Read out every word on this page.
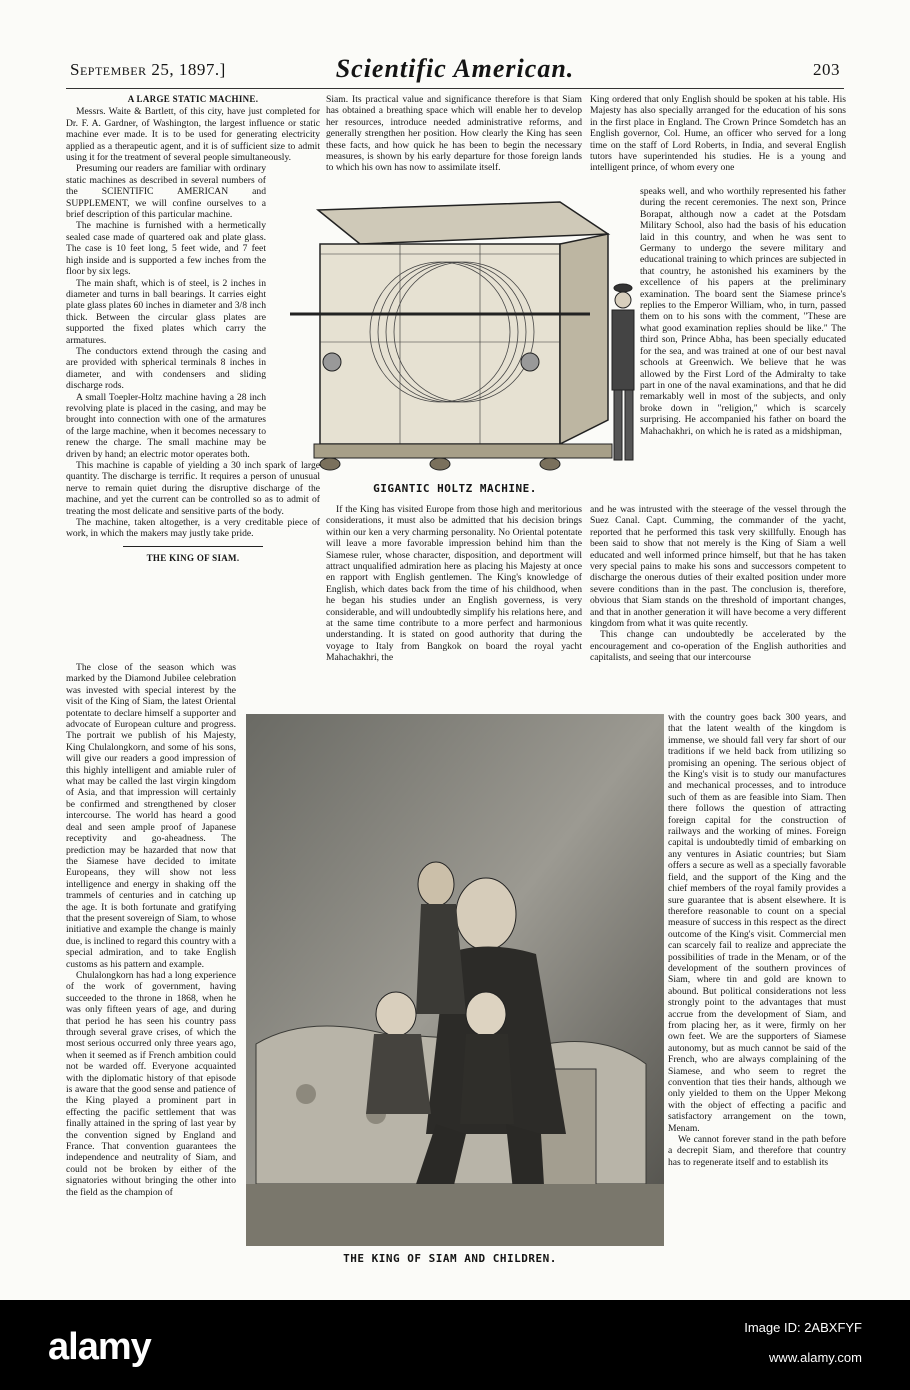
September 25, 1897.]	Scientific American.	203
A LARGE STATIC MACHINE.

Messrs. Waite & Bartlett, of this city, have just completed for Dr. F. A. Gardner, of Washington, the largest influence or static machine ever made. It is to be used for generating electricity applied as a therapeutic agent, and it is of sufficient size to admit using it for the treatment of several people simultaneously.

Presuming our readers are familiar with ordinary static machines as described in several numbers of the SCIENTIFIC AMERICAN and SUPPLEMENT, we will confine ourselves to a brief description of this particular machine.

The machine is furnished with a hermetically sealed case made of quartered oak and plate glass. The case is 10 feet long, 5 feet wide, and 7 feet high inside and is supported a few inches from the floor by six legs.

The main shaft, which is of steel, is 2 inches in diameter and turns in ball bearings. It carries eight plate glass plates 60 inches in diameter and 3/8 inch thick. Between the circular glass plates are supported the fixed plates which carry the armatures.

The conductors extend through the casing and are provided with spherical terminals 8 inches in diameter, and with condensers and sliding discharge rods.

A small Toepler-Holtz machine having a 28 inch revolving plate is placed in the casing, and may be brought into connection with one of the armatures of the large machine, when it becomes necessary to renew the charge. The small machine may be driven by hand; an electric motor operates both.

This machine is capable of yielding a 30 inch spark of large quantity. The discharge is terrific. It requires a person of unusual nerve to remain quiet during the disruptive discharge of the machine, and yet the current can be controlled so as to admit of treating the most delicate and sensitive parts of the body.

The machine, taken altogether, is a very creditable piece of work, in which the makers may justly take pride.

THE KING OF SIAM.

The close of the season which was marked by the Diamond Jubilee celebration was invested with special interest by the visit of the King of Siam, the latest Oriental potentate to declare himself a supporter and advocate of European culture and progress. The portrait we publish of his Majesty, King Chulalongkorn, and some of his sons, will give our readers a good impression of this highly intelligent and amiable ruler of what may be called the last virgin kingdom of Asia, and that impression will certainly be confirmed and strengthened by closer intercourse. The world has heard a good deal and seen ample proof of Japanese receptivity and go-aheadness. The prediction may be hazarded that now that the Siamese have decided to imitate Europeans, they will show not less intelligence and energy in shaking off the trammels of centuries and in catching up the age. It is both fortunate and gratifying that the present sovereign of Siam, to whose initiative and example the change is mainly due, is inclined to regard this country with a special admiration, and to take English customs as his pattern and example.

Chulalongkorn has had a long experience of the work of government, having succeeded to the throne in 1868, when he was only fifteen years of age, and during that period he has seen his country pass through several grave crises, of which the most serious occurred only three years ago, when it seemed as if French ambition could not be warded off. Everyone acquainted with the diplomatic history of that episode is aware that the good sense and patience of the King played a prominent part in effecting the pacific settlement that was finally attained in the spring of last year by the convention signed by England and France. That convention guarantees the independence and neutrality of Siam, and could not be broken by either of the signatories without bringing the other into the field as the champion of

Siam. Its practical value and significance therefore is that Siam has obtained a breathing space which will enable her to develop her resources, introduce needed administrative reforms, and generally strengthen her position. How clearly the King has seen these facts, and how quick he has been to begin the necessary measures, is shown by his early departure for those foreign lands to which his own has now to assimilate itself.

King ordered that only English should be spoken at his table. His Majesty has also specially arranged for the education of his sons in the first place in England. The Crown Prince Somdetch has an English governor, Col. Hume, an officer who served for a long time on the staff of Lord Roberts, in India, and several English tutors have superintended his studies. He is a young and intelligent prince, of whom every one

speaks well, and who worthily represented his father during the recent ceremonies. The next son, Prince Borapat, although now a cadet at the Potsdam Military School, also had the basis of his education laid in this country, and when he was sent to Germany to undergo the severe military and educational training to which princes are subjected in that country, he astonished his examiners by the excellence of his papers at the preliminary examination. The board sent the Siamese prince's replies to the Emperor William, who, in turn, passed them on to his sons with the comment, "These are what good examination replies should be like." The third son, Prince Abha, has been specially educated for the sea, and was trained at one of our best naval schools at Greenwich. We believe that he was allowed by the First Lord of the Admiralty to take part in one of the naval examinations, and that he did remarkably well in most of the subjects, and only broke down in "religion," which is scarcely surprising. He accompanied his father on board the Mahachakhri, on which he is rated as a midshipman,

GIGANTIC HOLTZ MACHINE.

If the King has visited Europe from those high and meritorious considerations, it must also be admitted that his decision brings within our ken a very charming personality. No Oriental potentate will leave a more favorable impression behind him than the Siamese ruler, whose character, disposition, and deportment will attract unqualified admiration here as placing his Majesty at once en rapport with English gentlemen. The King's knowledge of English, which dates back from the time of his childhood, when he began his studies under an English governess, is very considerable, and will undoubtedly simplify his relations here, and at the same time contribute to a more perfect and harmonious understanding. It is stated on good authority that during the voyage to Italy from Bangkok on board the royal yacht Mahachakhri, the

and he was intrusted with the steerage of the vessel through the Suez Canal. Capt. Cumming, the commander of the yacht, reported that he performed this task very skillfully. Enough has been said to show that not merely is the King of Siam a well educated and well informed prince himself, but that he has taken very special pains to make his sons and successors competent to discharge the onerous duties of their exalted position under more severe conditions than in the past. The conclusion is, therefore, obvious that Siam stands on the threshold of important changes, and that in another generation it will have become a very different kingdom from what it was quite recently.

This change can undoubtedly be accelerated by the encouragement and co-operation of the English authorities and capitalists, and seeing that our intercourse

THE KING OF SIAM AND CHILDREN.

with the country goes back 300 years, and that the latent wealth of the kingdom is immense, we should fall very far short of our traditions if we held back from utilizing so promising an opening. The serious object of the King's visit is to study our manufactures and mechanical processes, and to introduce such of them as are feasible into Siam. Then there follows the question of attracting foreign capital for the construction of railways and the working of mines. Foreign capital is undoubtedly timid of embarking on any ventures in Asiatic countries; but Siam offers a secure as well as a specially favorable field, and the support of the King and the chief members of the royal family provides a sure guarantee that is absent elsewhere. It is therefore reasonable to count on a special measure of success in this respect as the direct outcome of the King's visit. Commercial men can scarcely fail to realize and appreciate the possibilities of trade in the Menam, or of the development of the southern provinces of Siam, where tin and gold are known to abound. But political considerations not less strongly point to the advantages that must accrue from the development of Siam, and from placing her, as it were, firmly on her own feet. We are the supporters of Siamese autonomy, but as much cannot be said of the French, who are always complaining of the Siamese, and who seem to regret the convention that ties their hands, although we only yielded to them on the Upper Mekong with the object of effecting a pacific and satisfactory arrangement on the town, Menam.

We cannot forever stand in the path before a decrepit Siam, and therefore that country has to regenerate itself and to establish its

alamy	Image ID: 2ABXFYF
www.alamy.com
